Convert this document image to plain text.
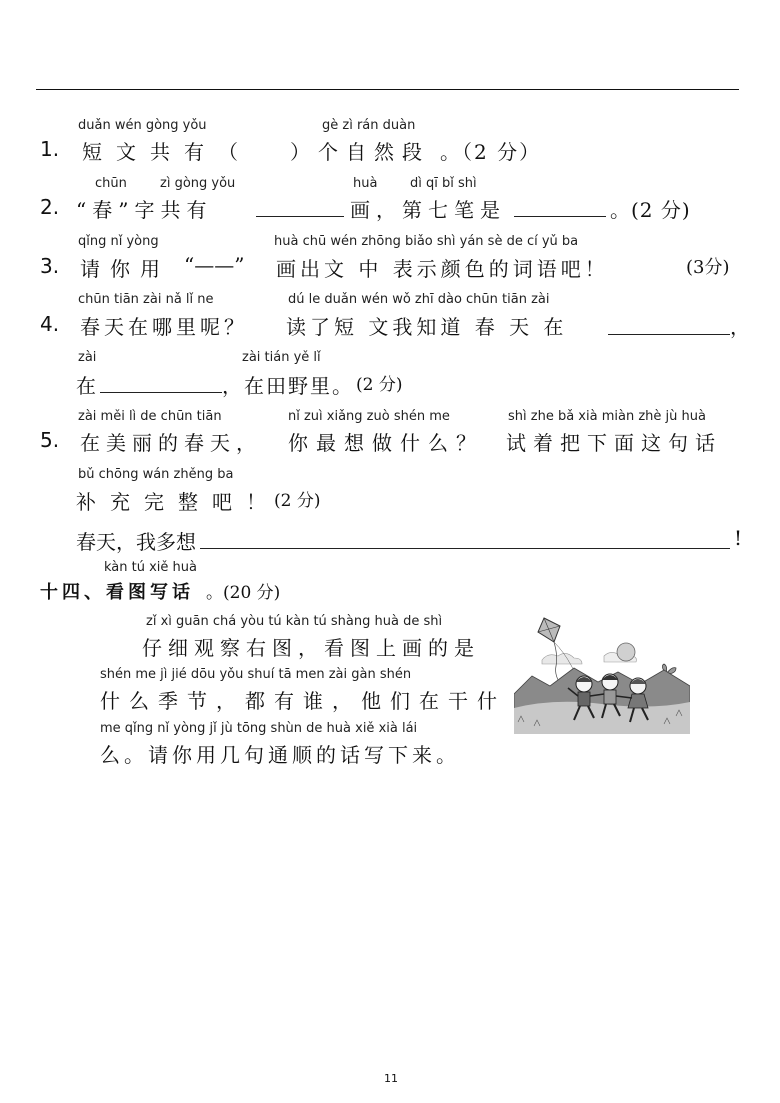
duǎn wén gòng yǒu	gè zì rán duàn
1. 短文共有（ ）个自然段 。（2 分）
chūn	zì gòng yǒu	huà	dì qī bǐ shì
2. “春”字共有	画，第七笔是	。(2 分)
qǐng nǐ yòng	huà chū wén zhōng biǎo shì yán sè de cí yǔ ba
3. 请你用 “——” 画出文 中 表示颜色的词语吧！	(3分)
chūn tiān zài nǎ lǐ ne	dú le duǎn wén wǒ zhī dào chūn tiān zài
4. 春天在哪里呢？ 读了短 文我知道 春 天 在	，
zài	zài tián yě lǐ
在	，在田野里。 (2 分)
zài měi lì de chūn tiān	nǐ zuì xiǎng zuò shén me	shì zhe bǎ xià miàn zhè jù huà
5. 在美丽的春天， 你最想做什么？ 试着把下面这句话
bǔ chōng wán zhěng ba
补充完整吧！
(2 分)
春天，我多想	!
kàn tú xiě huà
十四、看图写话 。(20 分)
zǐ xì guān chá yòu tú kàn tú shàng huà de shì
仔细观察右图，看图上画的是
shén me jì jié dōu yǒu shuí tā men zài gàn shén
什么季节，都有谁，他们在干什
me qǐng nǐ yòng jǐ jù tōng shùn de huà xiě xià lái
么。请你用几句通顺的话写下来。
11
